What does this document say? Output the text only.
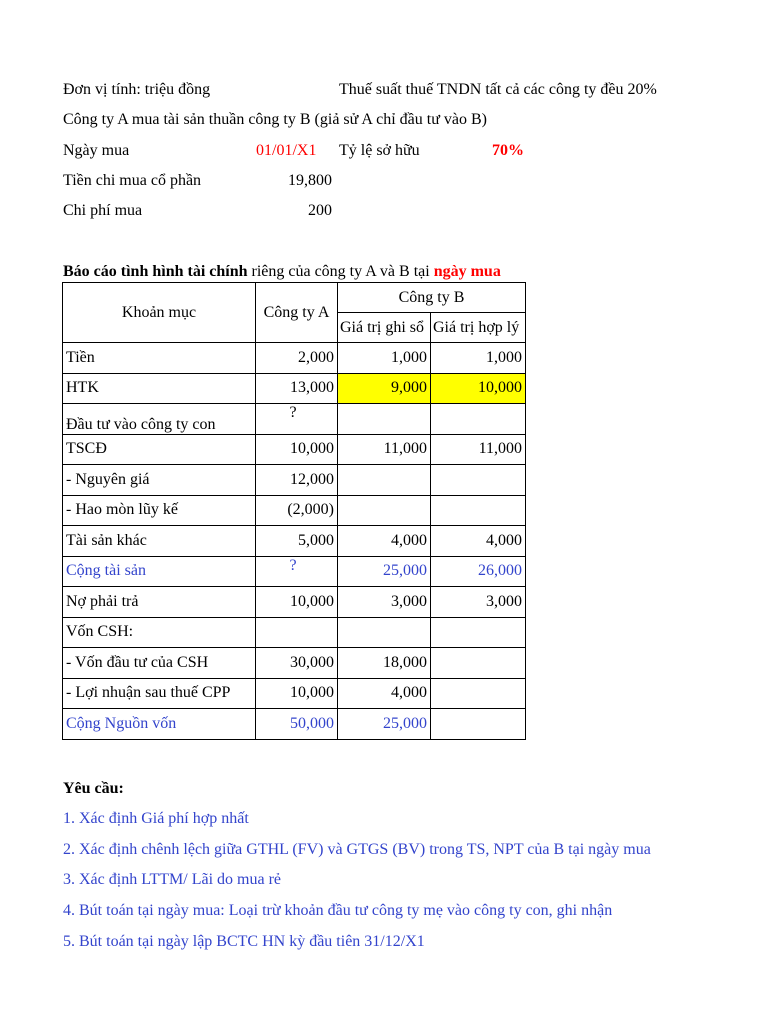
Đơn vị tính: triệu đồng	Thuế suất thuế TNDN tất cả các công ty đều 20%
Công ty A mua tài sản thuần công ty B (giả sử A chỉ đầu tư vào B)
Ngày mua	01/01/X1 Tỷ lệ sở hữu	70%
Tiền chi mua cổ phần	19,800
Chi phí mua	200
Báo cáo tình hình tài chính riêng của công ty A và B tại ngày mua
Khoản mục	Công ty A	Công ty B	
		Giá trị ghi sổ	Giá trị hợp lý
Tiền	2,000	1,000	1,000
HTK	13,000	9,000	10,000
Đầu tư vào công ty con	?		
TSCĐ	10,000	11,000	11,000
- Nguyên giá	12,000		
- Hao mòn lũy kế	(2,000)		
Tài sản khác	5,000	4,000	4,000
Cộng tài sản	?	25,000	26,000
Nợ phải trả	10,000	3,000	3,000
Vốn CSH:			
- Vốn đầu tư của CSH	30,000	18,000	
- Lợi nhuận sau thuế CPP	10,000	4,000	
Cộng Nguồn vốn	50,000	25,000	
Yêu cầu:
1. Xác định Giá phí hợp nhất
2. Xác định chênh lệch giữa GTHL (FV) và GTGS (BV) trong TS, NPT của B tại ngày mua
3. Xác định LTTM/ Lãi do mua rẻ
4. Bút toán tại ngày mua: Loại trừ khoản đầu tư công ty mẹ vào công ty con, ghi nhận
5. Bút toán tại ngày lập BCTC HN kỳ đầu tiên 31/12/X1
